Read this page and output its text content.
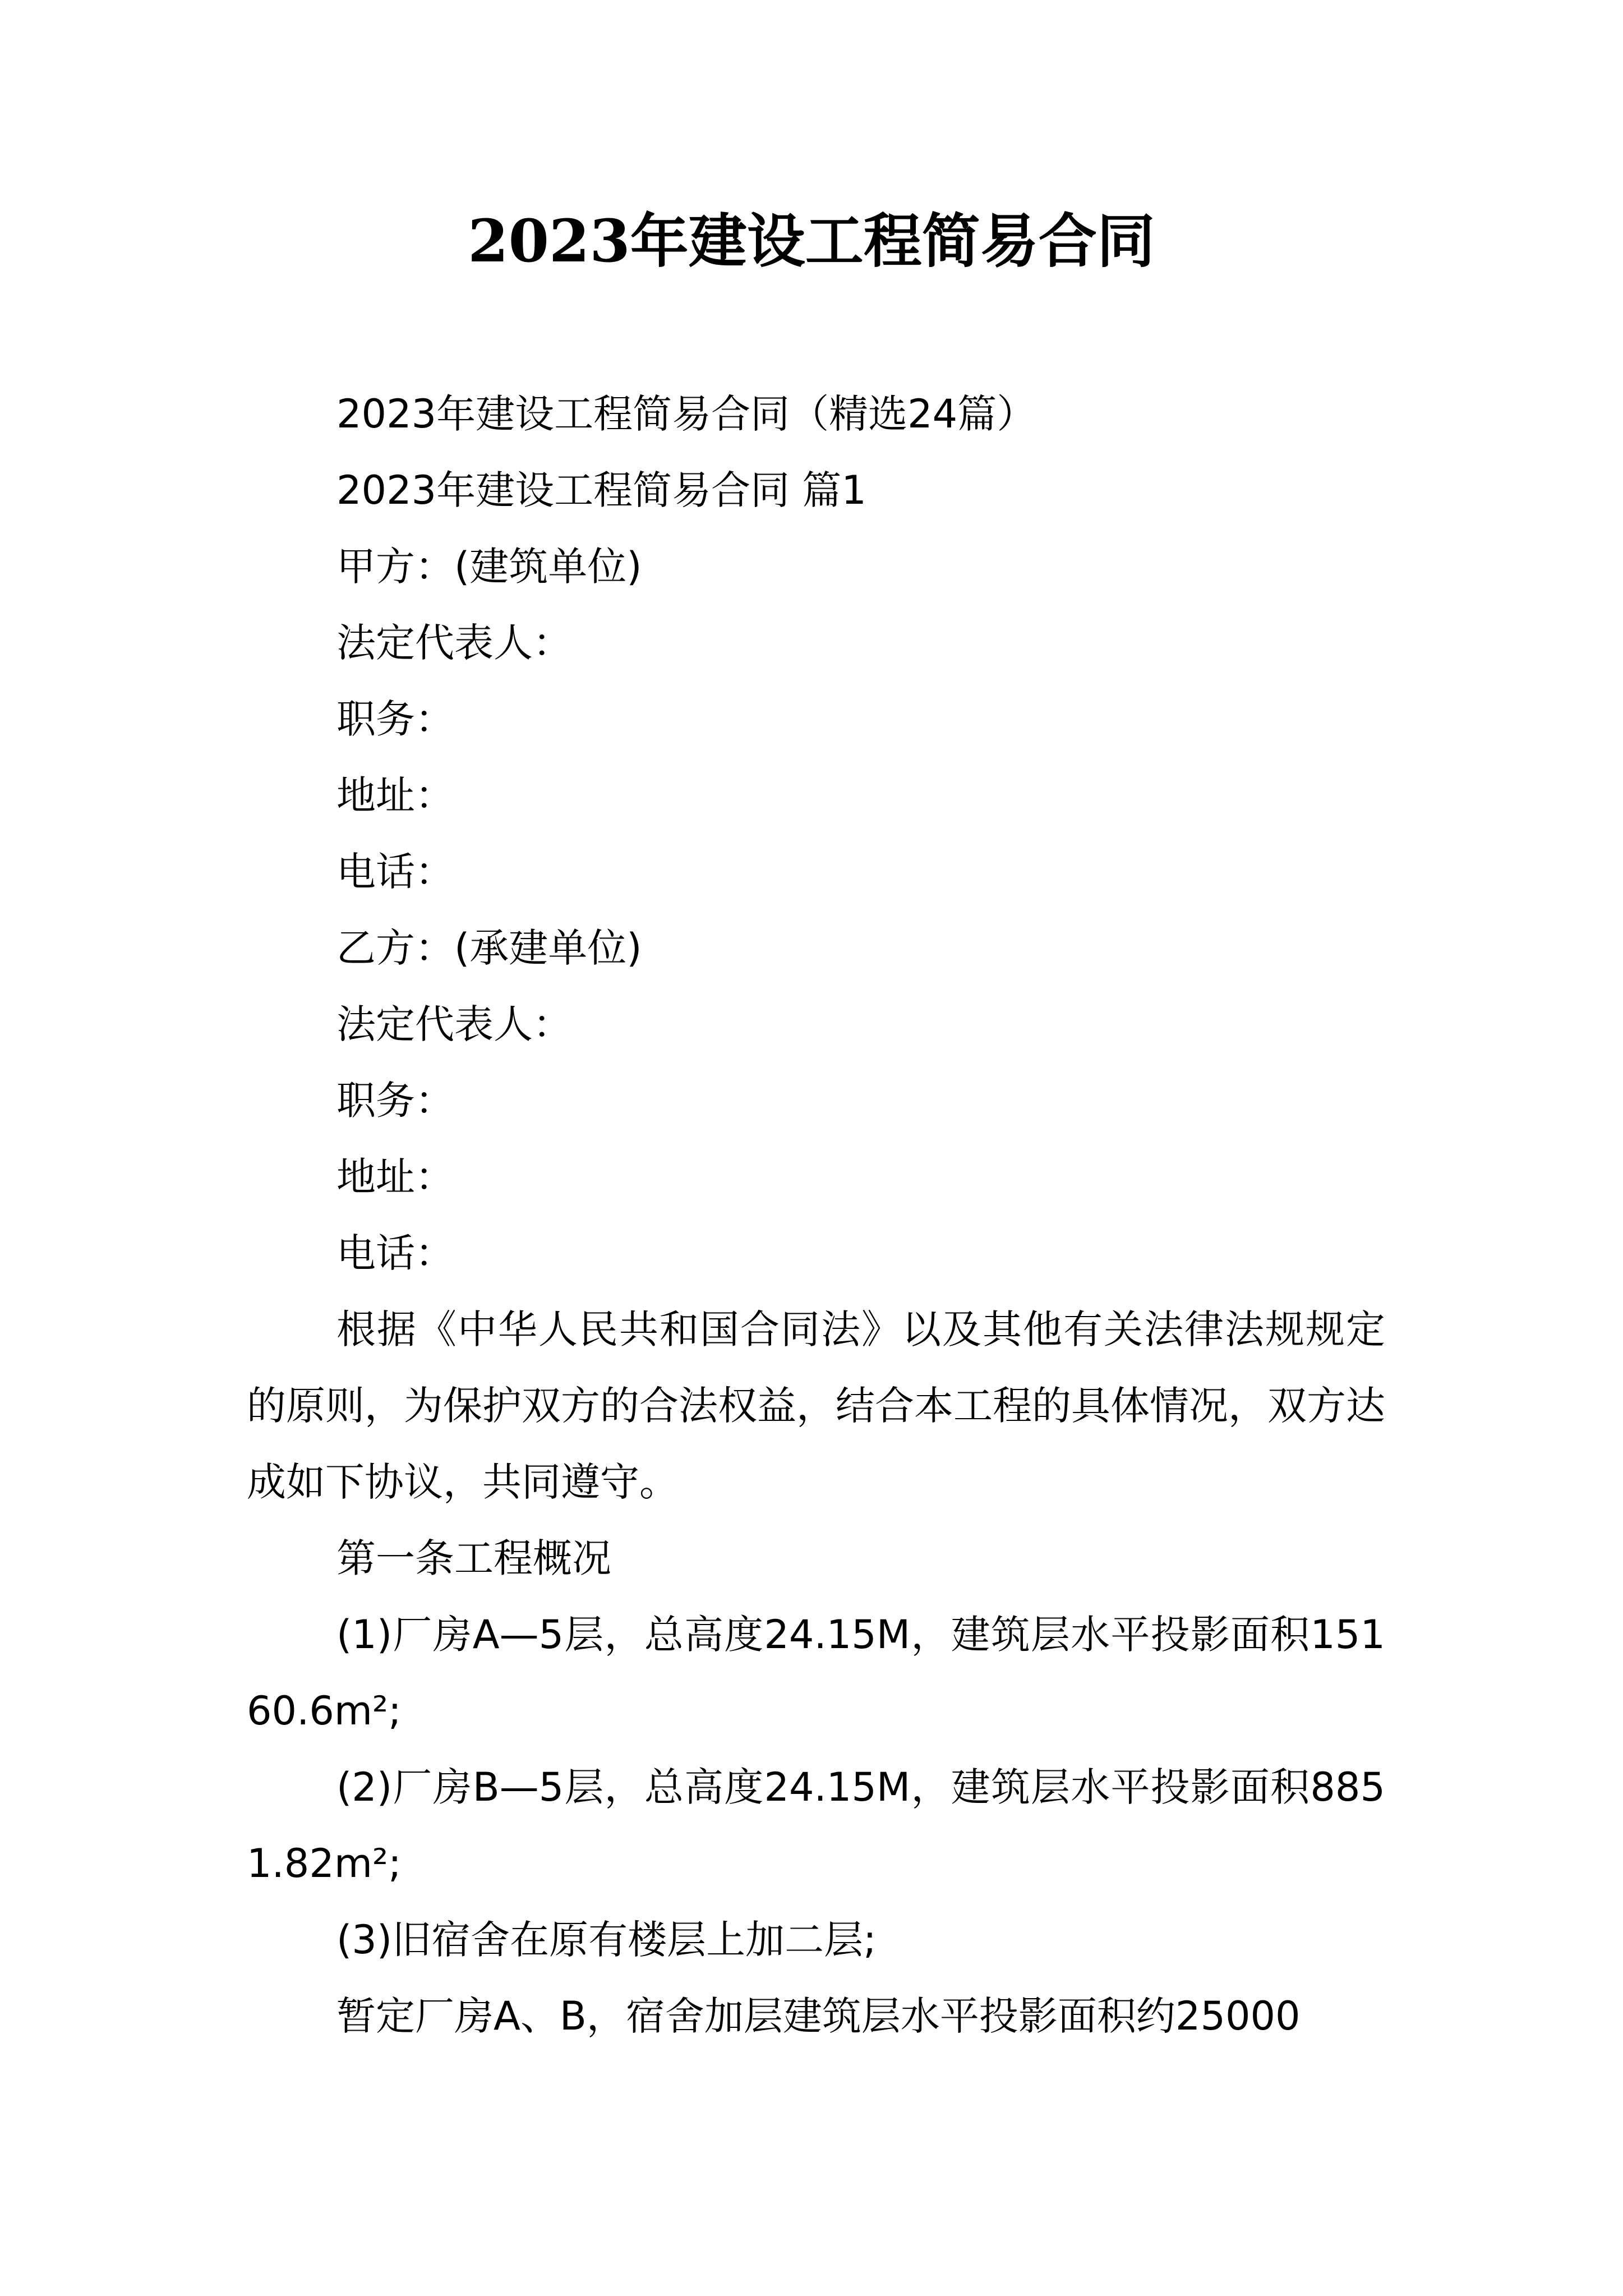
2023年建设工程简易合同

2023年建设工程简易合同（精选24篇）

2023年建设工程简易合同 篇1

甲方：(建筑单位)

法定代表人：

职务：

地址：

电话：

乙方：(承建单位)

法定代表人：

职务：

地址：

电话：

根据《中华人民共和国合同法》以及其他有关法律法规规定的原则，为保护双方的合法权益，结合本工程的具体情况，双方达成如下协议，共同遵守。

第一条工程概况

(1)厂房A—5层，总高度24.15M，建筑层水平投影面积15160.6m²;

(2)厂房B—5层，总高度24.15M，建筑层水平投影面积8851.82m²;

(3)旧宿舍在原有楼层上加二层;

暂定厂房A、B，宿舍加层建筑层水平投影面积约25000
